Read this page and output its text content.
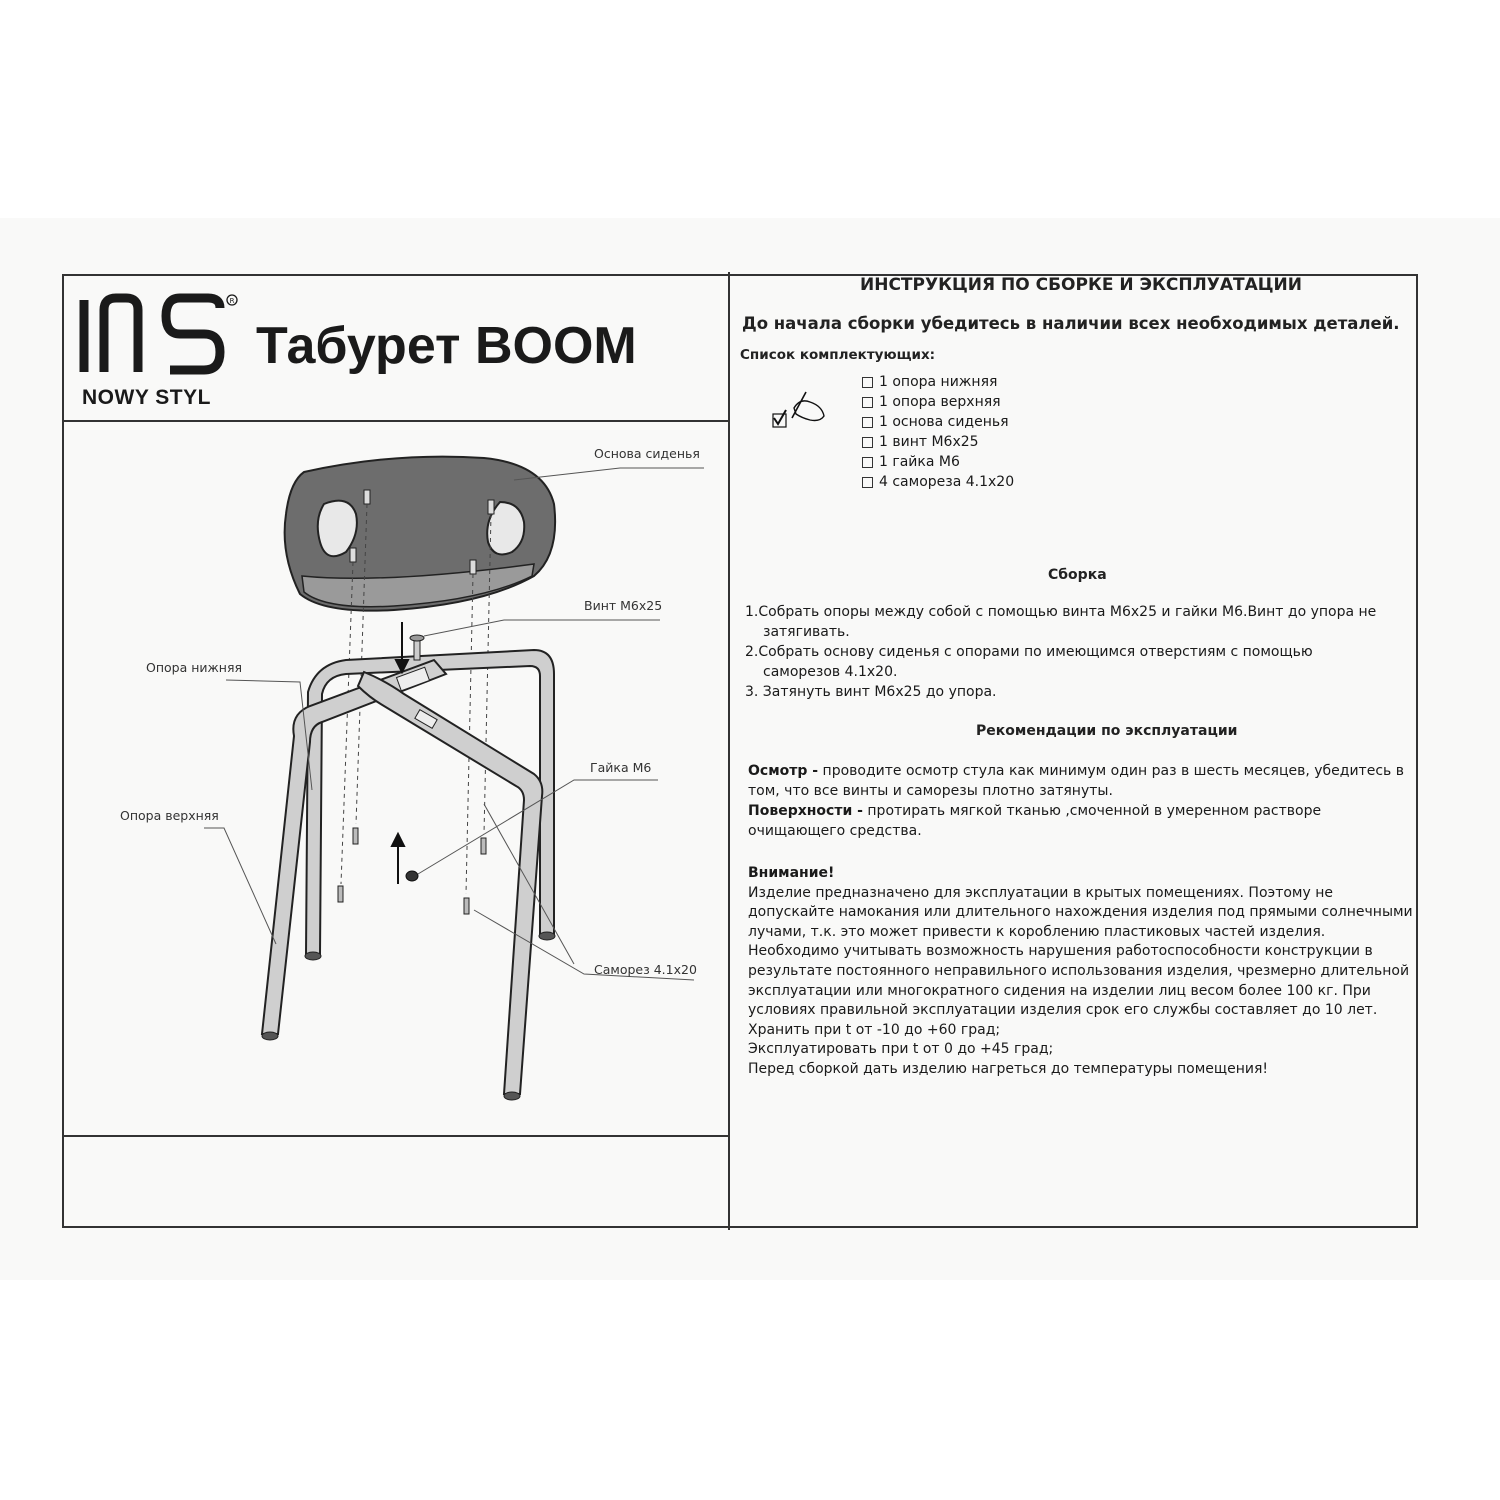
R
NOWY STYL
Табурет BOOM
Основа сиденья
Винт М6х25
Опора нижняя
Гайка М6
Опора верхняя
Саморез 4.1х20
ИНСТРУКЦИЯ ПО СБОРКЕ И ЭКСПЛУАТАЦИИ
До начала сборки убедитесь в наличии всех необходимых деталей.
Список комплектующих:
1 опора нижняя
1 опора верхняя
1 основа сиденья
1 винт М6х25
1 гайка М6
4 самореза 4.1х20
Сборка
1.Собрать опоры между собой с помощью винта М6х25 и гайки М6.Винт до упора не
затягивать.
2.Собрать основу сиденья с опорами по имеющимся отверстиям с помощью
саморезов 4.1х20.
3. Затянуть винт М6х25 до упора.
Рекомендации по эксплуатации
Осмотр - проводите осмотр стула как минимум один раз в шесть месяцев, убедитесь в том, что все винты и саморезы плотно затянуты.
Поверхности - протирать мягкой тканью ,смоченной в умеренном растворе очищающего средства.
Внимание!
Изделие предназначено для эксплуатации в крытых помещениях. Поэтому не допускайте намокания или длительного нахождения изделия под прямыми солнечными лучами, т.к. это может привести к короблению пластиковых частей изделия.
Необходимо учитывать возможность нарушения работоспособности конструкции в результате постоянного неправильного использования изделия, чрезмерно длительной эксплуатации или многократного сидения на изделии лиц весом более 100 кг. При условиях правильной эксплуатации изделия срок его службы составляет до 10 лет.
Хранить при t от -10 до +60 град;
Эксплуатировать при t от 0 до +45 град;
Перед сборкой дать изделию нагреться до температуры помещения!
